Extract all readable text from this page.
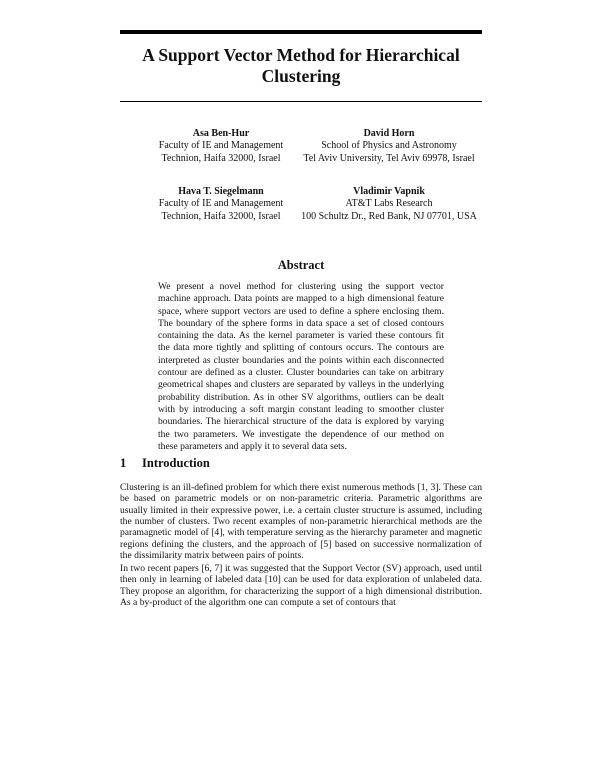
A Support Vector Method for Hierarchical Clustering
Asa Ben-Hur
Faculty of IE and Management
Technion, Haifa 32000, Israel
David Horn
School of Physics and Astronomy
Tel Aviv University, Tel Aviv 69978, Israel
Hava T. Siegelmann
Faculty of IE and Management
Technion, Haifa 32000, Israel
Vladimir Vapnik
AT&T Labs Research
100 Schultz Dr., Red Bank, NJ 07701, USA
Abstract
We present a novel method for clustering using the support vector machine approach. Data points are mapped to a high dimensional feature space, where support vectors are used to define a sphere enclosing them. The boundary of the sphere forms in data space a set of closed contours containing the data. As the kernel parameter is varied these contours fit the data more tightly and splitting of contours occurs. The contours are interpreted as cluster boundaries and the points within each disconnected contour are defined as a cluster. Cluster boundaries can take on arbitrary geometrical shapes and clusters are separated by valleys in the underlying probability distribution. As in other SV algorithms, outliers can be dealt with by introducing a soft margin constant leading to smoother cluster boundaries. The hierarchical structure of the data is explored by varying the two parameters. We investigate the dependence of our method on these parameters and apply it to several data sets.
1 Introduction
Clustering is an ill-defined problem for which there exist numerous methods [1, 3]. These can be based on parametric models or on non-parametric criteria. Parametric algorithms are usually limited in their expressive power, i.e. a certain cluster structure is assumed, including the number of clusters. Two recent examples of non-parametric hierarchical methods are the paramagnetic model of [4], with temperature serving as the hierarchy parameter and magnetic regions defining the clusters, and the approach of [5] based on successive normalization of the dissimilarity matrix between pairs of points.
In two recent papers [6, 7] it was suggested that the Support Vector (SV) approach, used until then only in learning of labeled data [10] can be used for data exploration of unlabeled data. They propose an algorithm, for characterizing the support of a high dimensional distribution. As a by-product of the algorithm one can compute a set of contours that
